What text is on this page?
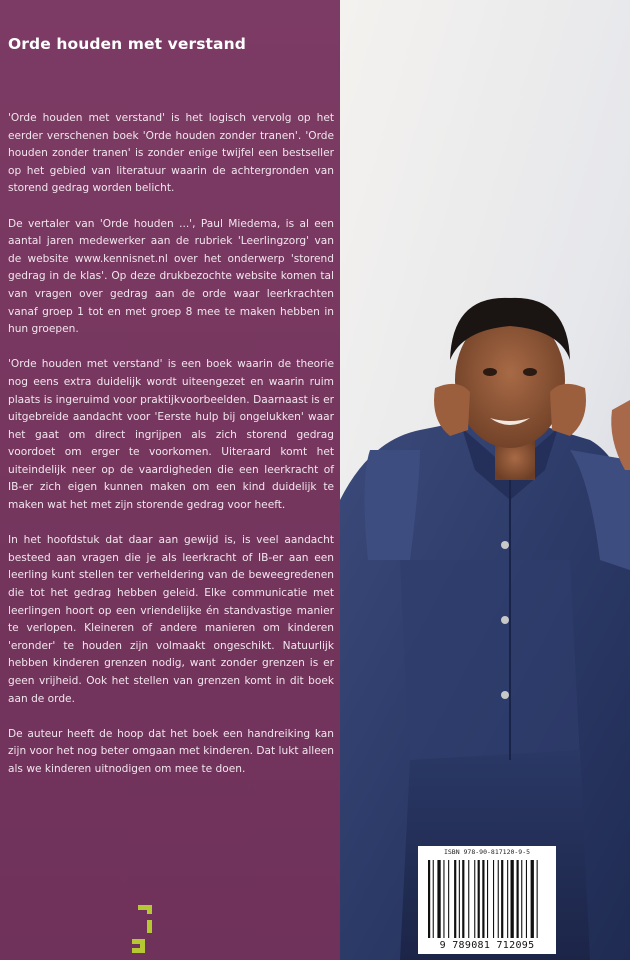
Orde houden met verstand

'Orde houden met verstand' is het logisch vervolg op het eerder verschenen boek 'Orde houden zonder tranen'. 'Orde houden zonder tranen' is zonder enige twijfel een bestseller op het gebied van literatuur waarin de achtergronden van storend gedrag worden belicht.

De vertaler van 'Orde houden ...', Paul Miedema, is al een aantal jaren medewerker aan de rubriek 'Leerlingzorg' van de website www.kennisnet.nl over het onderwerp 'storend gedrag in de klas'. Op deze drukbezochte website komen tal van vragen over gedrag aan de orde waar leerkrachten vanaf groep 1 tot en met groep 8 mee te maken hebben in hun groepen.

'Orde houden met verstand' is een boek waarin de theorie nog eens extra duidelijk wordt uiteengezet en waarin ruim plaats is ingeruimd voor praktijkvoorbeelden. Daarnaast is er uitgebreide aandacht voor 'Eerste hulp bij ongelukken' waar het gaat om direct ingrijpen als zich storend gedrag voordoet om erger te voorkomen. Uiteraard komt het uiteindelijk neer op de vaardigheden die een leerkracht of IB-er zich eigen kunnen maken om een kind duidelijk te maken wat het met zijn storende gedrag voor heeft.

In het hoofdstuk dat daar aan gewijd is, is veel aandacht besteed aan vragen die je als leerkracht of IB-er aan een leerling kunt stellen ter verheldering van de beweegredenen die tot het gedrag hebben geleid. Elke communicatie met leerlingen hoort op een vriendelijke én standvastige manier te verlopen. Kleineren of andere manieren om kinderen 'eronder' te houden zijn volmaakt ongeschikt. Natuurlijk hebben kinderen grenzen nodig, want zonder grenzen is er geen vrijheid. Ook het stellen van grenzen komt in dit boek aan de orde.

De auteur heeft de hoop dat het boek een handreiking kan zijn voor het nog beter omgaan met kinderen. Dat lukt alleen als we kinderen uitnodigen om mee te doen.

ISBN 978-90-817120-9-5
9 789081 712095
